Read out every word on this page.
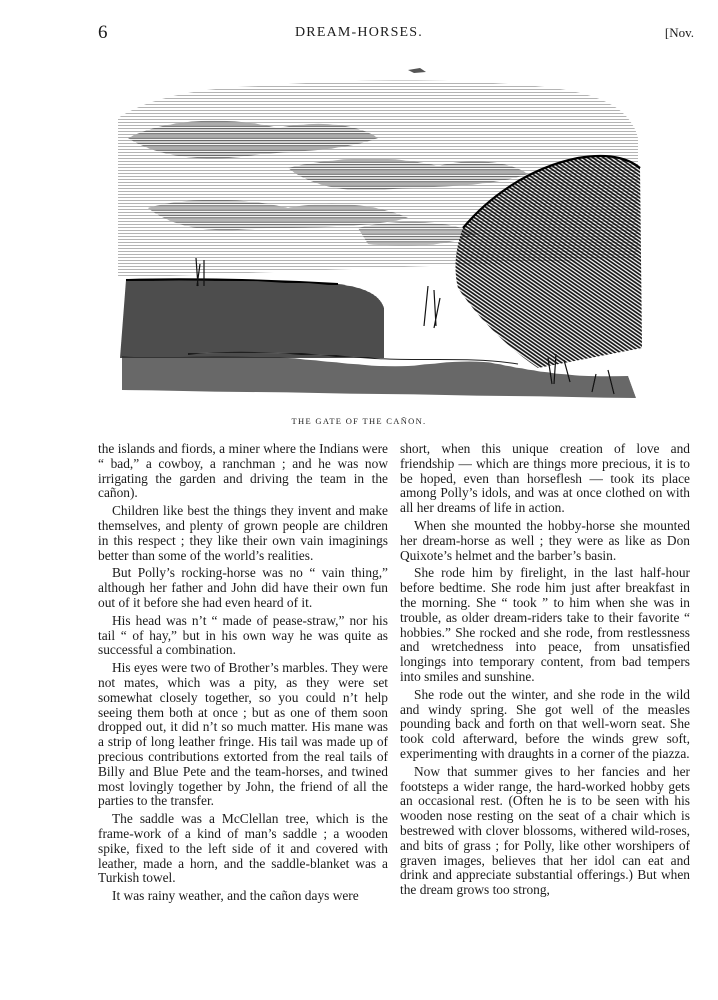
6	DREAM-HORSES.	[Nov.
THE GATE OF THE CAÑON.

the islands and fiords, a miner where the Indians were “ bad,” a cowboy, a ranchman ; and he was now irrigating the garden and driving the team in the cañon).

Children like best the things they invent and make themselves, and plenty of grown people are children in this respect ; they like their own vain imaginings better than some of the world’s realities.

But Polly’s rocking-horse was no “ vain thing,” although her father and John did have their own fun out of it before she had even heard of it.

His head was n’t “ made of pease-straw,” nor his tail “ of hay,” but in his own way he was quite as successful a combination.

His eyes were two of Brother’s marbles. They were not mates, which was a pity, as they were set somewhat closely together, so you could n’t help seeing them both at once ; but as one of them soon dropped out, it did n’t so much matter. His mane was a strip of long leather fringe. His tail was made up of precious contributions extorted from the real tails of Billy and Blue Pete and the team-horses, and twined most lovingly together by John, the friend of all the parties to the transfer.

The saddle was a McClellan tree, which is the frame-work of a kind of man’s saddle ; a wooden spike, fixed to the left side of it and covered with leather, made a horn, and the saddle-blanket was a Turkish towel.

It was rainy weather, and the cañon days were

short, when this unique creation of love and friendship — which are things more precious, it is to be hoped, even than horseflesh — took its place among Polly’s idols, and was at once clothed on with all her dreams of life in action.

When she mounted the hobby-horse she mounted her dream-horse as well ; they were as like as Don Quixote’s helmet and the barber’s basin.

She rode him by firelight, in the last half-hour before bedtime. She rode him just after breakfast in the morning. She “ took ” to him when she was in trouble, as older dream-riders take to their favorite “ hobbies.” She rocked and she rode, from restlessness and wretchedness into peace, from unsatisfied longings into temporary content, from bad tempers into smiles and sunshine.

She rode out the winter, and she rode in the wild and windy spring. She got well of the measles pounding back and forth on that well-worn seat. She took cold afterward, before the winds grew soft, experimenting with draughts in a corner of the piazza.

Now that summer gives to her fancies and her footsteps a wider range, the hard-worked hobby gets an occasional rest. (Often he is to be seen with his wooden nose resting on the seat of a chair which is bestrewed with clover blossoms, withered wild-roses, and bits of grass ; for Polly, like other worshipers of graven images, believes that her idol can eat and drink and appreciate substantial offerings.) But when the dream grows too strong,
